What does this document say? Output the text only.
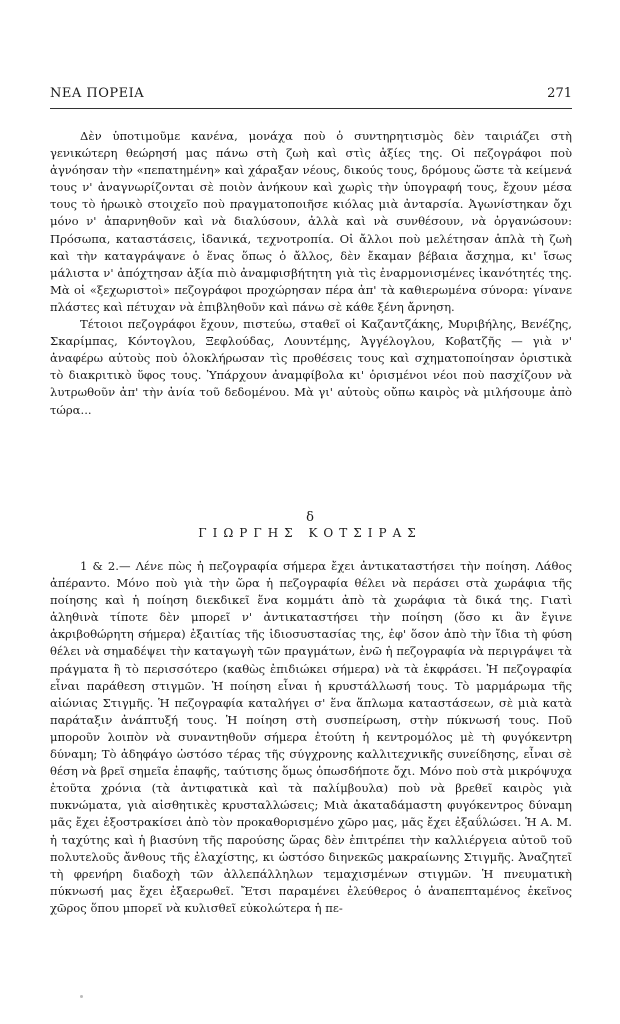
ΝΕΑ ΠΟΡΕΙΑ	271

Δὲν ὑποτιμοῦμε κανένα, μονάχα ποὺ ὁ συντηρητισμὸς δὲν ταιριάζει στὴ γενικώτερη θεώρησή μας πάνω στὴ ζωὴ καὶ στὶς ἀξίες της. Οἱ πεζογράφοι ποὺ ἀγνόησαν τὴν «πεπατημένη» καὶ χάραξαν νέους, δικούς τους, δρόμους ὥστε τὰ κείμενά τους ν' ἀναγνωρίζονται σὲ ποιὸν ἀνήκουν καὶ χωρὶς τὴν ὑπογραφή τους, ἔχουν μέσα τους τὸ ἡρωικὸ στοιχεῖο ποὺ πραγματοποιῆσε κιόλας μιὰ ἀνταρσία. Ἀγωνίστηκαν ὄχι μόνο ν' ἀπαρνηθοῦν καὶ νὰ διαλύσουν, ἀλλὰ καὶ νὰ συνθέσουν, νὰ ὀργανώσουν: Πρόσωπα, καταστάσεις, ἰδανικά, τεχνοτροπία. Οἱ ἄλλοι ποὺ μελέτησαν ἁπλὰ τὴ ζωὴ καὶ τὴν καταγράψανε ὁ ἕνας ὅπως ὁ ἄλλος, δὲν ἔκαμαν βέβαια ἄσχημα, κι' ἴσως μάλιστα ν' ἀπόχτησαν ἀξία πιὸ ἀναμφισβήτητη γιὰ τὶς ἐναρμονισμένες ἱκανότητές της. Μὰ οἱ «ξεχωριστοὶ» πεζογράφοι προχώρησαν πέρα ἀπ' τὰ καθιερωμένα σύνορα: γίνανε πλάστες καὶ πέτυχαν νὰ ἐπιβληθοῦν καὶ πάνω σὲ κάθε ξένη ἄρνηση.

Τέτοιοι πεζογράφοι ἔχουν, πιστεύω, σταθεῖ οἱ Καζαντζάκης, Μυριβήλης, Βενέζης, Σκαρίμπας, Κόντογλου, Ξεφλούδας, Λουντέμης, Ἀγγέλογλου, Κοβατζῆς — γιὰ ν' ἀναφέρω αὐτοὺς ποὺ ὁλοκλήρωσαν τὶς προθέσεις τους καὶ σχηματοποίησαν ὁριστικὰ τὸ διακριτικὸ ὕφος τους. Ὑπάρχουν ἀναμφίβολα κι' ὁρισμένοι νέοι ποὺ πασχίζουν νὰ λυτρωθοῦν ἀπ' τὴν ἀνία τοῦ δεδομένου. Μὰ γι' αὐτοὺς οὔπω καιρὸς νὰ μιλήσουμε ἀπὸ τώρα...

δ
ΓΙΩΡΓΗΣ ΚΟΤΣΙΡΑΣ

1 & 2.— Λένε πὼς ἡ πεζογραφία σήμερα ἔχει ἀντικαταστήσει τὴν ποίηση. Λάθος ἀπέραντο. Μόνο ποὺ γιὰ τὴν ὥρα ἡ πεζογραφία θέλει νὰ περάσει στὰ χωράφια τῆς ποίησης καὶ ἡ ποίηση διεκδικεῖ ἕνα κομμάτι ἀπὸ τὰ χωράφια τὰ δικά της. Γιατὶ ἀληθινὰ τίποτε δὲν μπορεῖ ν' ἀντικαταστήσει τὴν ποίηση (ὅσο κι ἂν ἔγινε ἀκριβοθώρητη σήμερα) ἐξαιτίας τῆς ἰδιοσυστασίας της, ἐφ' ὅσον ἀπὸ τὴν ἴδια τὴ φύση θέλει νὰ σημαδέψει τὴν καταγωγὴ τῶν πραγμάτων, ἐνῶ ἡ πεζογραφία νὰ περιγράψει τὰ πράγματα ἢ τὸ περισσότερο (καθὼς ἐπιδιώκει σήμερα) νὰ τὰ ἐκφράσει. Ἡ πεζογραφία εἶναι παράθεση στιγμῶν. Ἡ ποίηση εἶναι ἡ κρυστάλλωσή τους. Τὸ μαρμάρωμα τῆς αἰώνιας Στιγμῆς. Ἡ πεζογραφία καταλήγει σ' ἕνα ἅπλωμα καταστάσεων, σὲ μιὰ κατὰ παράταξιν ἀνάπτυξή τους. Ἡ ποίηση στὴ συσπείρωση, στὴν πύκνωσή τους. Ποῦ μποροῦν λοιπὸν νὰ συναντηθοῦν σήμερα ἐτούτη ἡ κεντρομόλος μὲ τὴ φυγόκεντρη δύναμη; Τὸ ἀδηφάγο ὡστόσο τέρας τῆς σύγχρονης καλλιτεχνικῆς συνείδησης, εἶναι σὲ θέση νὰ βρεῖ σημεῖα ἐπαφῆς, ταύτισης ὅμως ὁπωσδήποτε ὄχι. Μόνο ποὺ στὰ μικρόψυχα ἐτοῦτα χρόνια (τὰ ἀντιφατικὰ καὶ τὰ παλίμβουλα) ποὺ νὰ βρεθεῖ καιρὸς γιὰ πυκνώματα, γιὰ αἰσθητικὲς κρυσταλλώσεις; Μιὰ ἀκαταδάμαστη φυγόκεντρος δύναμη μᾶς ἔχει ἐξοστρακίσει ἀπὸ τὸν προκαθορισμένο χῶρο μας, μᾶς ἔχει ἐξαΰλώσει. Ἡ Α. Μ. ἡ ταχύτης καὶ ἡ βιασύνη τῆς παρούσης ὥρας δὲν ἐπιτρέπει τὴν καλλιέργεια αὐτοῦ τοῦ πολυτελοῦς ἄνθους τῆς ἐλαχίστης, κι ὡστόσο διηνεκῶς μακραίωνης Στιγμῆς. Ἀναζητεῖ τὴ φρενήρη διαδοχὴ τῶν ἀλλεπάλληλων τεμαχισμένων στιγμῶν. Ἡ πνευματικὴ πύκνωσή μας ἔχει ἐξαερωθεῖ. Ἔτσι παραμένει ἐλεύθερος ὁ ἀναπεπταμένος ἐκεῖνος χῶρος ὅπου μπορεῖ νὰ κυλισθεῖ εὐκολώτερα ἡ πε-
